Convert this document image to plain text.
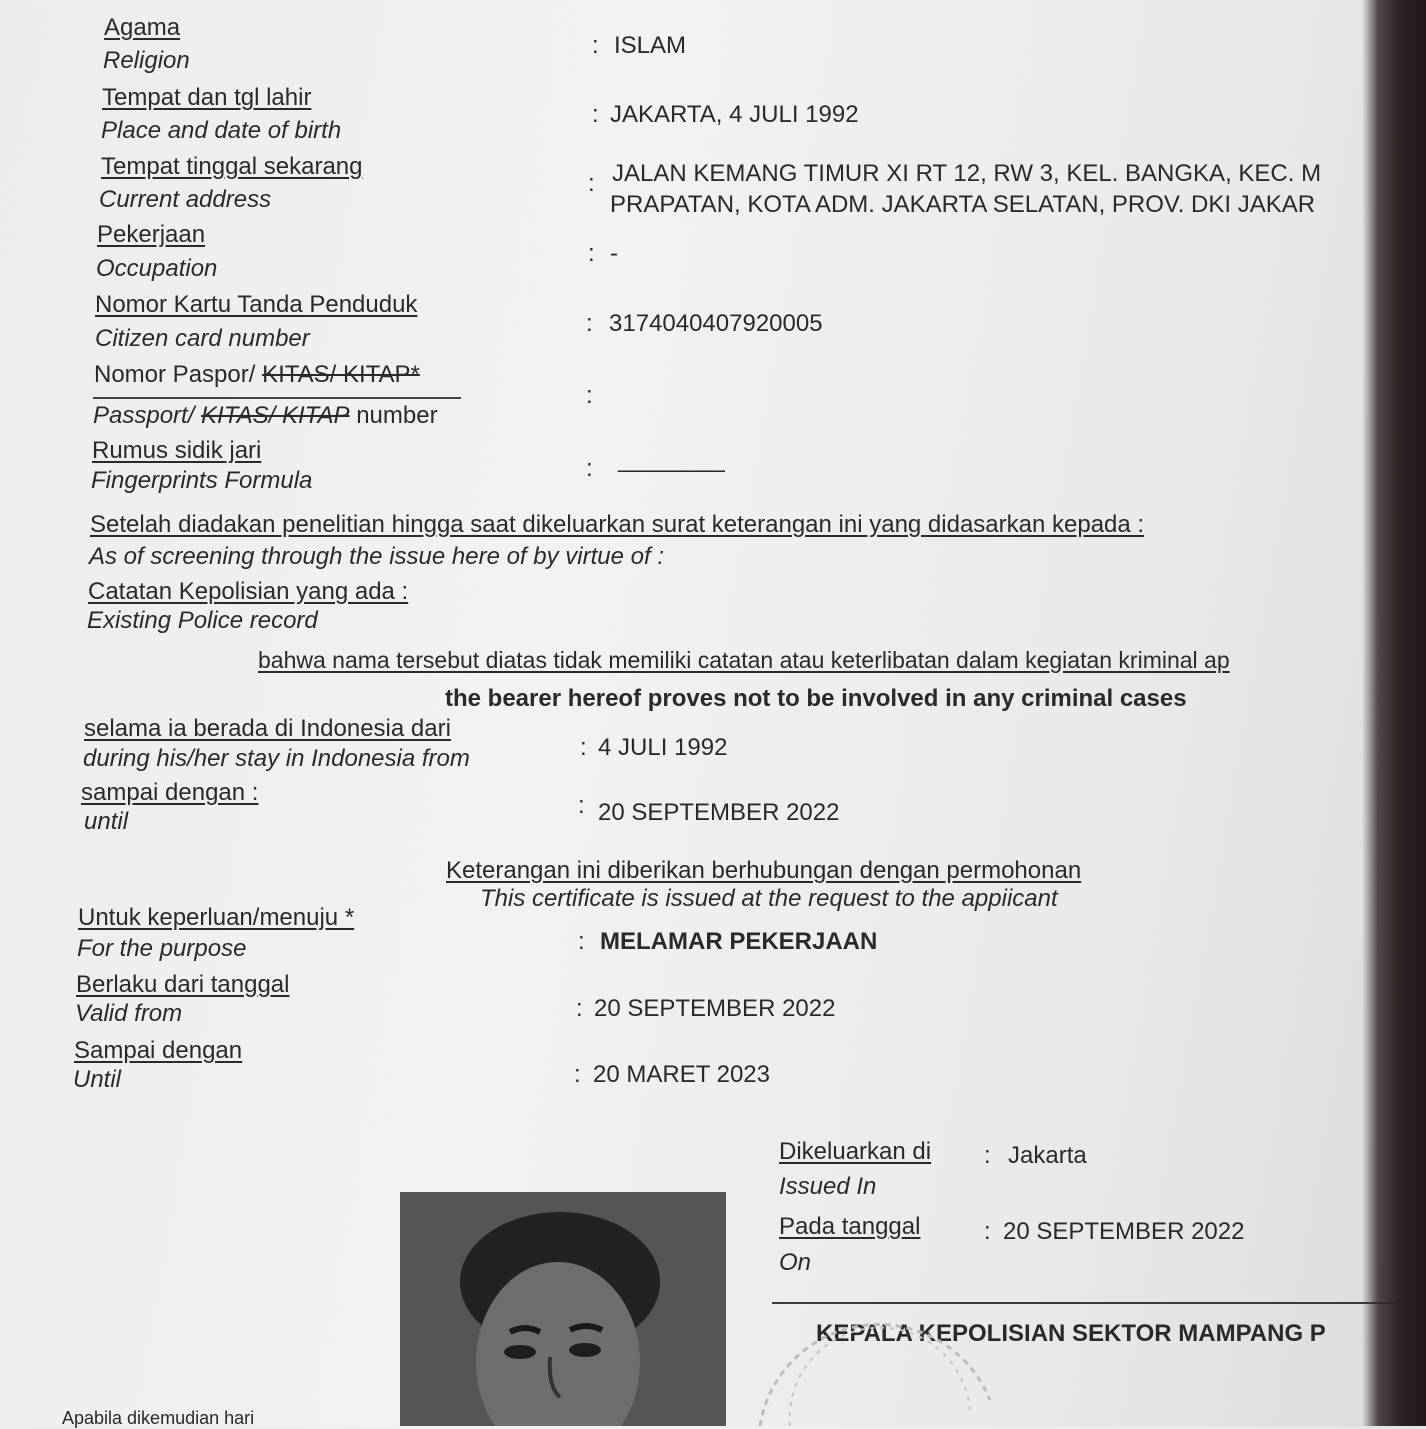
Agama
Religion
: ISLAM
Tempat dan tgl lahir
Place and date of birth
: JAKARTA, 4 JULI 1992
Tempat tinggal sekarang
Current address
: JALAN KEMANG TIMUR XI RT 12, RW 3, KEL. BANGKA, KEC. M
PRAPATAN, KOTA ADM. JAKARTA SELATAN, PROV. DKI JAKAR
Pekerjaan
Occupation
: -
Nomor Kartu Tanda Penduduk
Citizen card number
: 3174040407920005
Nomor Paspor/ KITAS/ KITAP*
Passport/ KITAS/ KITAP number
:
Rumus sidik jari
Fingerprints Formula	: ________
Setelah diadakan penelitian hingga saat dikeluarkan surat keterangan ini yang didasarkan kepada :
As of screening through the issue here of by virtue of :
Catatan Kepolisian yang ada :
Existing Police record
bahwa nama tersebut diatas tidak memiliki catatan atau keterlibatan dalam kegiatan kriminal ap
the bearer hereof proves not to be involved in any criminal cases
selama ia berada di Indonesia dari
during his/her stay in Indonesia from	: 4 JULI 1992
sampai dengan :
until
: 20 SEPTEMBER 2022
Keterangan ini diberikan berhubungan dengan permohonan
This certificate is issued at the request to the appiicant
Untuk keperluan/menuju *
For the purpose	: MELAMAR PEKERJAAN
Berlaku dari tanggal
Valid from	: 20 SEPTEMBER 2022
Sampai dengan
Until	: 20 MARET 2023
Dikeluarkan di : Jakarta
Issued In
Pada tanggal	: 20 SEPTEMBER 2022
On
KEPALA KEPOLISIAN SEKTOR MAMPANG P
Apabila dikemudian hari
